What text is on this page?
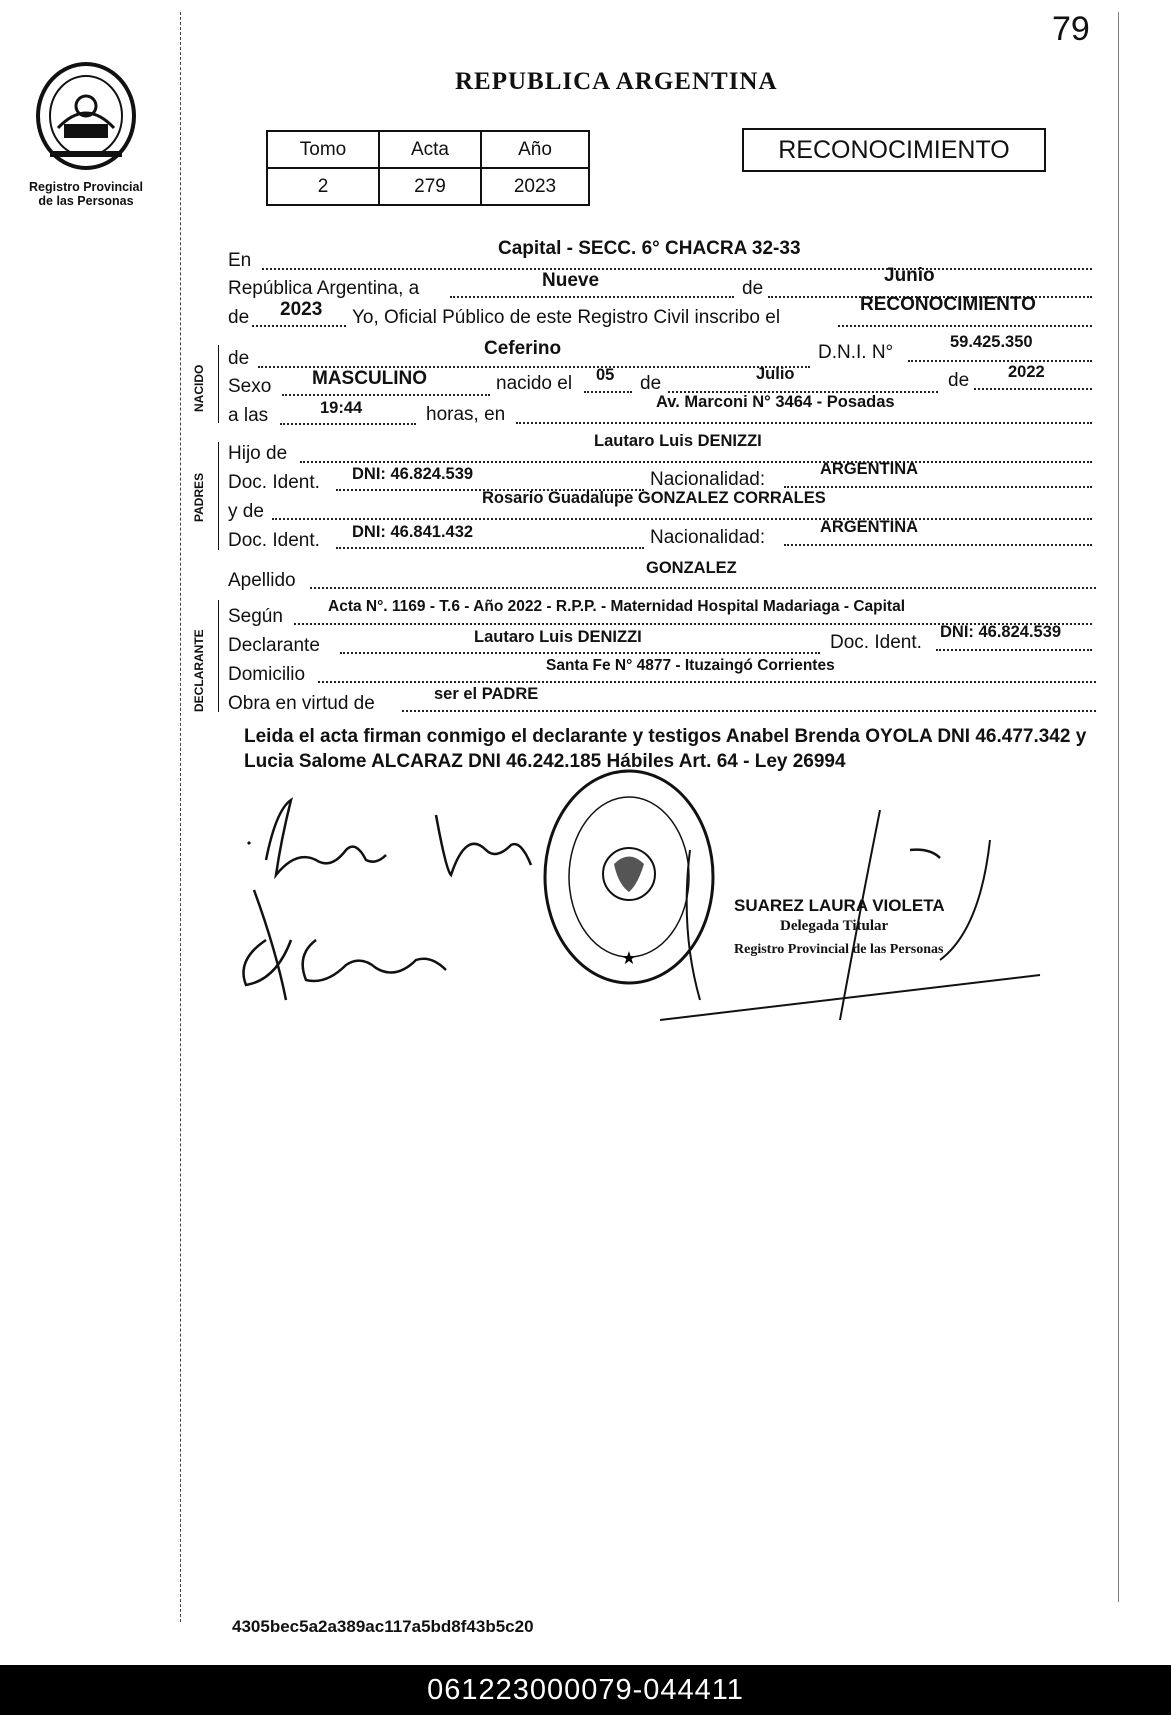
79
REPUBLICA ARGENTINA
Registro Provincial
de las Personas
Tomo	Acta	Año
2	279	2023
RECONOCIMIENTO
En
Capital - SECC. 6° CHACRA 32-33
República Argentina, a	Nueve	de
Junio
de 2023 Yo, Oficial Público de este Registro Civil inscribo el
RECONOCIMIENTO
NACIDO
de	Ceferino	D.N.I. N°	59.425.350
Sexo MASCULINO	nacido el 05 de	Julio	de 2022
a las	19:44	horas, en
Av. Marconi N° 3464 - Posadas
PADRES
Hijo de
Lautaro Luis DENIZZI
Doc. Ident. DNI: 46.824.539	Nacionalidad:	ARGENTINA
y de
Rosario Guadalupe GONZALEZ CORRALES
Doc. Ident. DNI: 46.841.432	Nacionalidad:	ARGENTINA
Apellido
GONZALEZ
DECLARANTE
Según	Acta N°. 1169 - T.6 - Año 2022 - R.P.P. - Maternidad Hospital Madariaga - Capital
Declarante	Lautaro Luis DENIZZI	Doc. Ident. DNI: 46.824.539
Domicilio	Santa Fe N° 4877 - Ituzaingó Corrientes
Obra en virtud de	ser el PADRE
Leida el acta firman conmigo el declarante y testigos Anabel Brenda OYOLA DNI 46.477.342 y Lucia Salome ALCARAZ DNI 46.242.185 Hábiles Art. 64 - Ley 26994
★
SUAREZ LAURA VIOLETA
Delegada Titular
Registro Provincial de las Personas
4305bec5a2a389ac117a5bd8f43b5c20
061223000079-044411
